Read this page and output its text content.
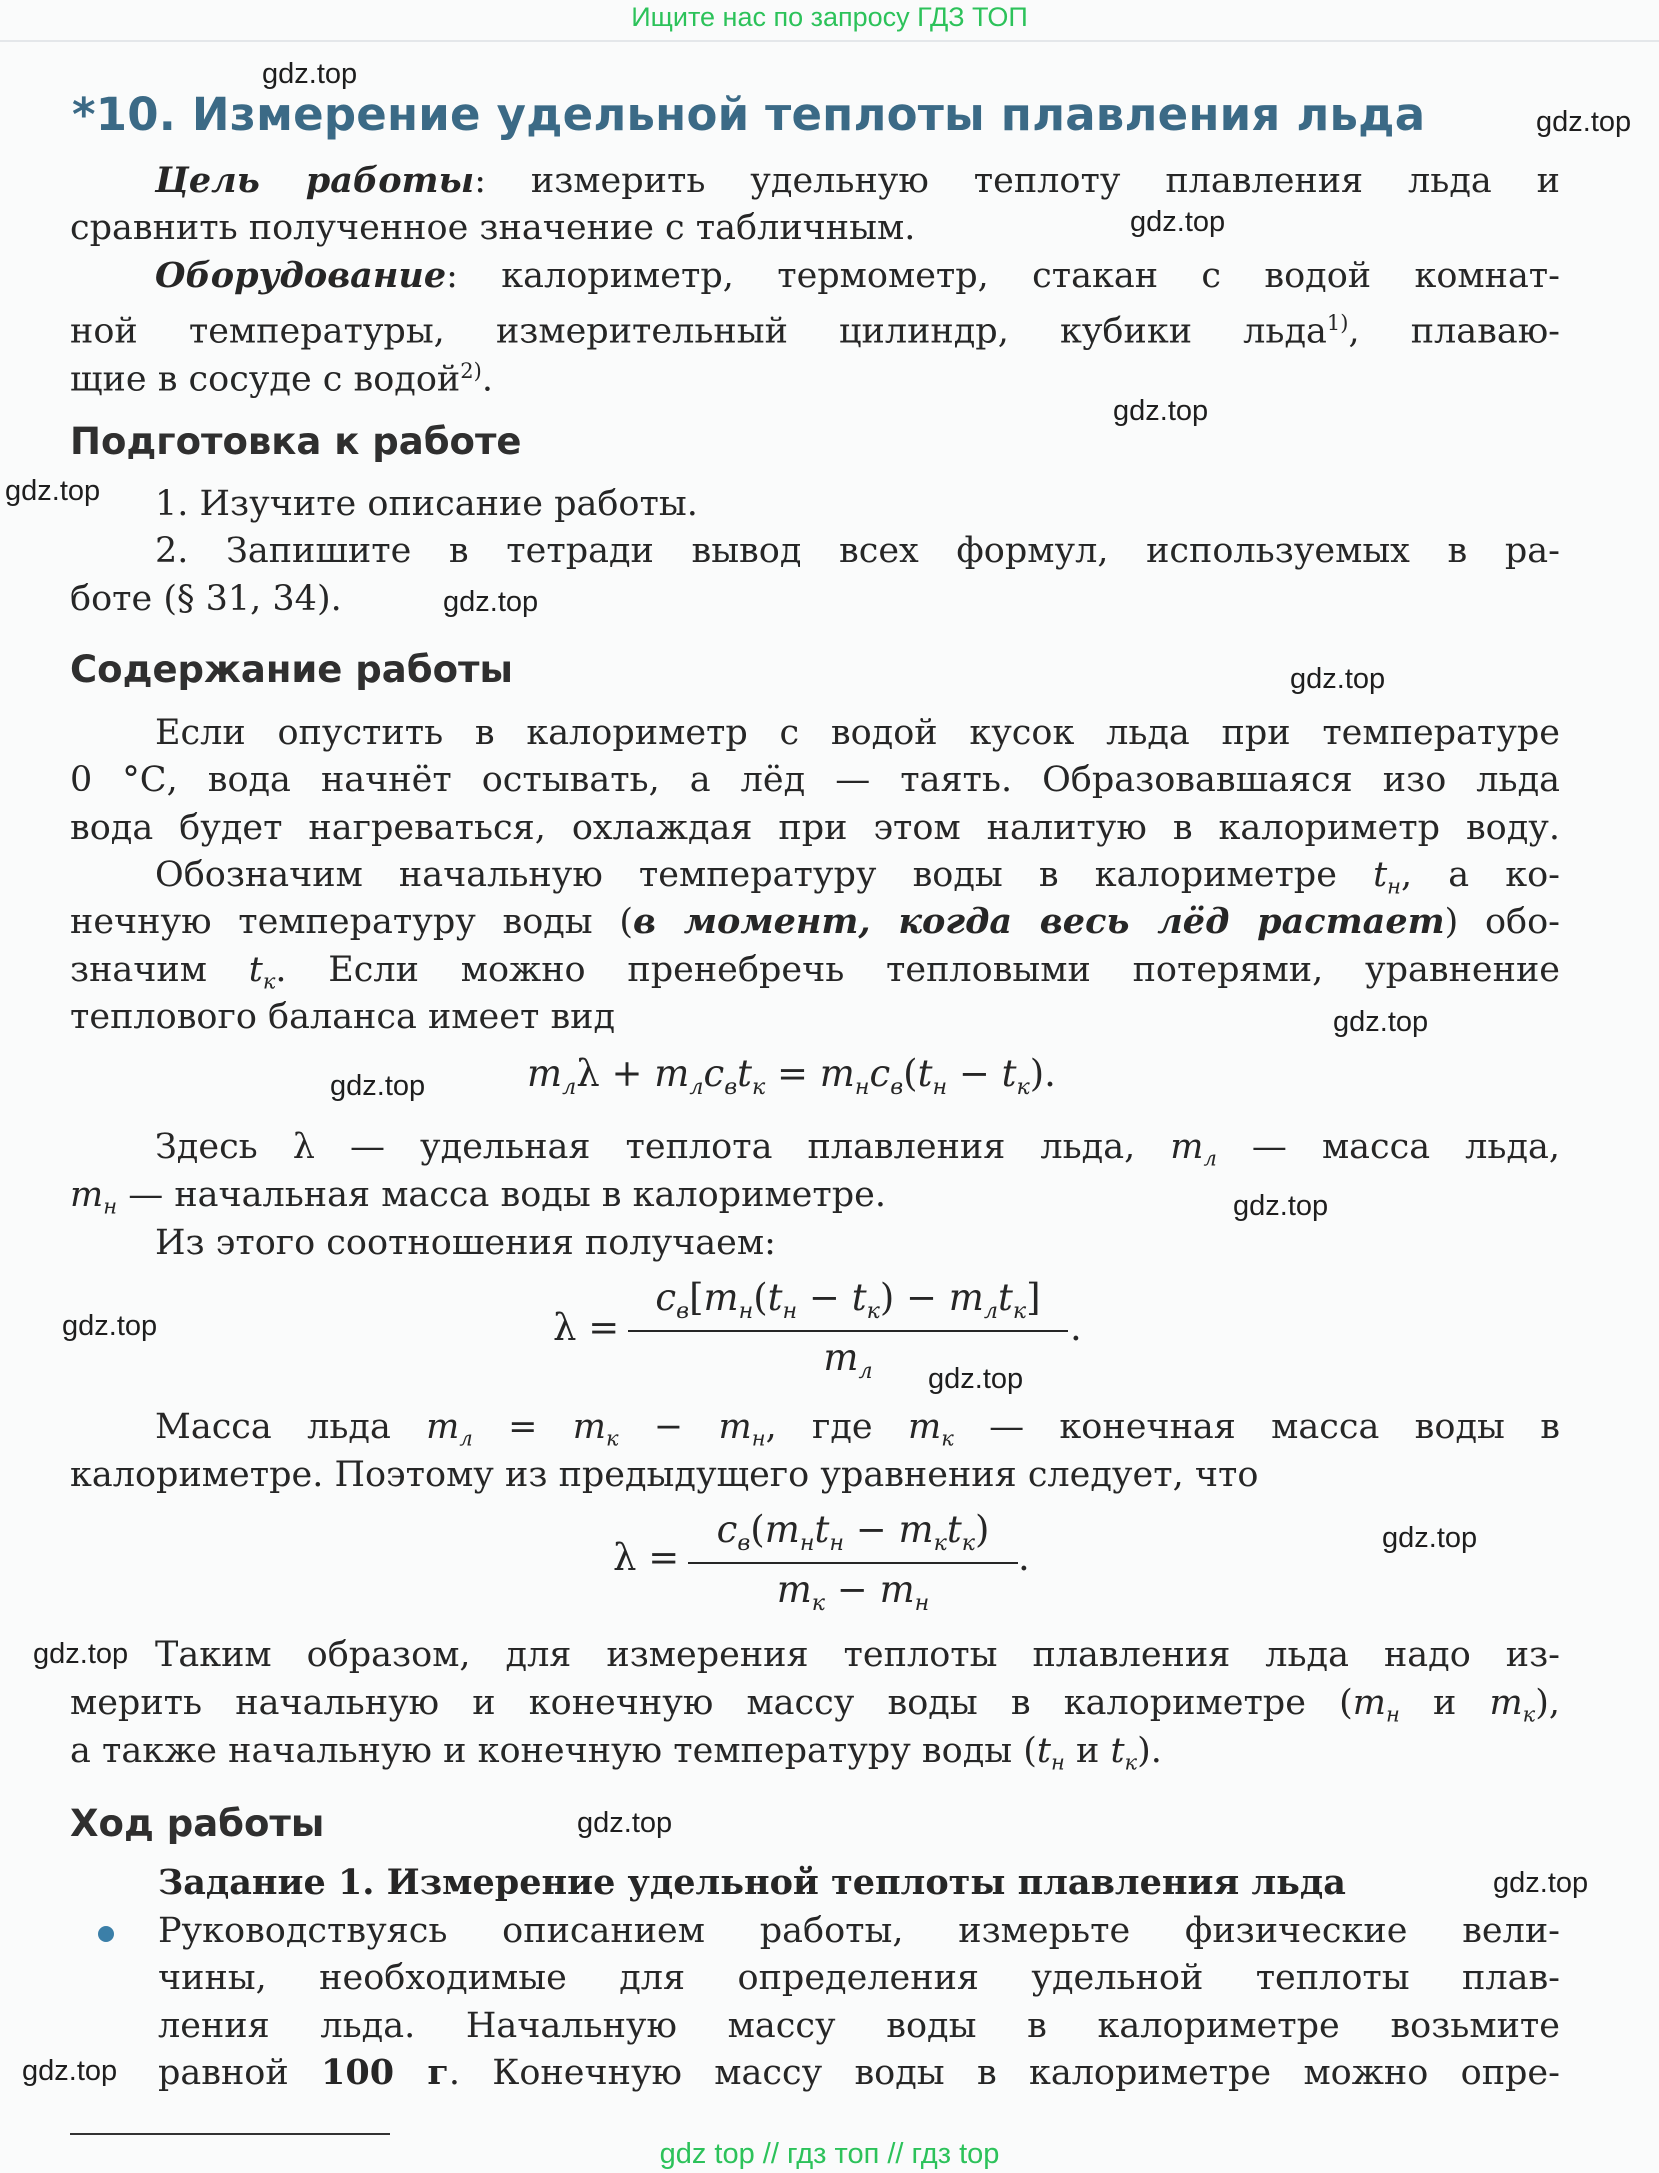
Ищите нас по запросу ГДЗ ТОП
gdz.top
gdz.top
gdz.top
gdz.top
gdz.top
gdz.top
gdz.top
gdz.top
gdz.top
gdz.top
gdz.top
gdz.top
gdz.top
gdz.top
gdz.top
gdz.top
gdz.top
*10. Измерение удельной теплоты плавления льда
Цель работы: измерить удельную теплоту плавления льда и
сравнить полученное значение с табличным.
Оборудование: калориметр, термометр, стакан с водой комнат-
ной температуры, измерительный цилиндр, кубики льда$^{1)}$, плаваю-
щие в сосуде с водой$^{2)}$.
Подготовка к работе
1. Изучите описание работы.
2. Запишите в тетради вывод всех формул, используемых в ра-
боте (§ 31, 34).
Содержание работы
Если опустить в калориметр с водой кусок льда при температуре
0 °С, вода начнёт остывать, а лёд — таять. Образовавшаяся изо льда
вода будет нагреваться, охлаждая при этом налитую в калориметр воду.
Обозначим начальную температуру воды в калориметре $t_н$, а ко-
нечную температуру воды (в момент, когда весь лёд растает) обо-
значим $t_к$. Если можно пренебречь тепловыми потерями, уравнение
теплового баланса имеет вид
$m_л\lambda + m_лc_вt_к = m_нc_в(t_н - t_к)$.
Здесь λ — удельная теплота плавления льда, $m_л$ — масса льда,
$m_н$ — начальная масса воды в калориметре.
Из этого соотношения получаем:
λ =
$c_в[m_н(t_н - t_к) - m_лt_к]$
$m_л$
.
Масса льда $m_л = m_к - m_н$, где $m_к$ — конечная масса воды в
калориметре. Поэтому из предыдущего уравнения следует, что
λ =
$c_в(m_нt_н - m_кt_к)$
$m_к - m_н$
.
Таким образом, для измерения теплоты плавления льда надо из-
мерить начальную и конечную массу воды в калориметре ($m_н$ и $m_к$),
а также начальную и конечную температуру воды ($t_н$ и $t_к$).
Ход работы
Задание 1. Измерение удельной теплоты плавления льда
Руководствуясь описанием работы, измерьте физические вели-
чины, необходимые для определения удельной теплоты плав-
ления льда. Начальную массу воды в калориметре возьмите
равной 100 г. Конечную массу воды в калориметре можно опре-
gdz top // гдз топ // гдз top
